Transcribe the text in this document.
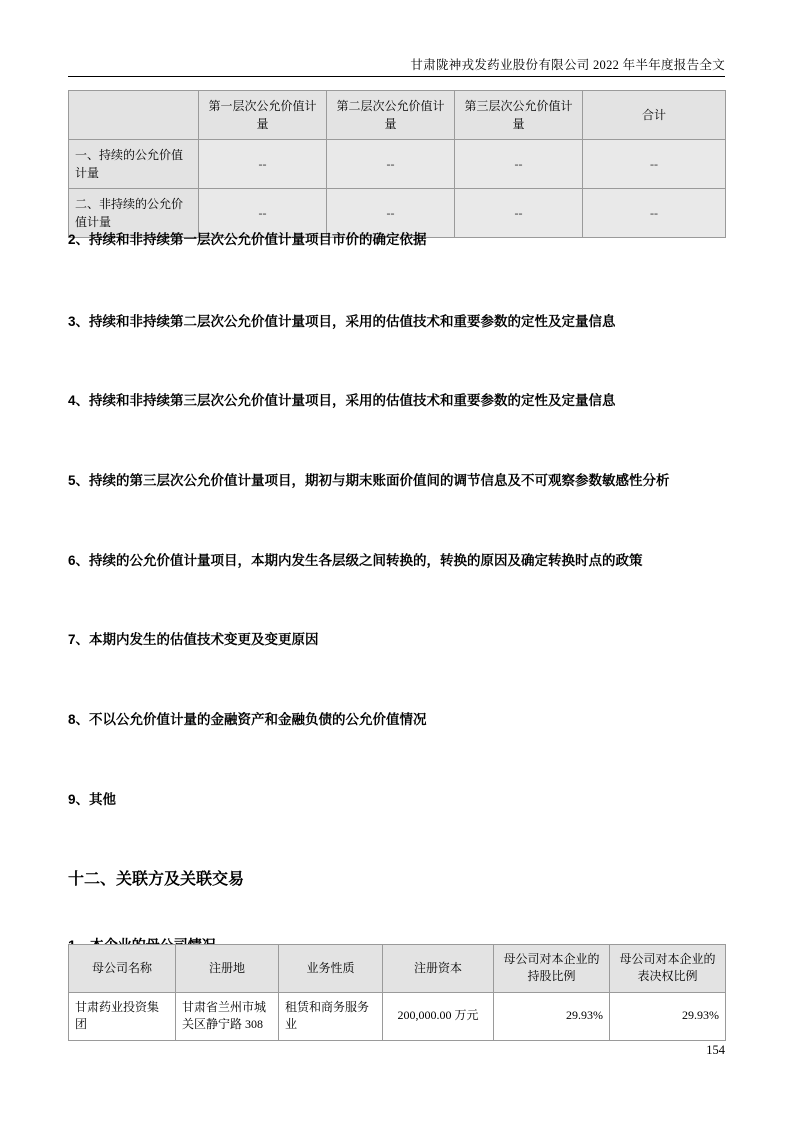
甘肃陇神戎发药业股份有限公司 2022 年半年度报告全文
	第一层次公允价值计量	第二层次公允价值计量	第三层次公允价值计量	合计
一、持续的公允价值计量	--	--	--	--
二、非持续的公允价值计量	--	--	--	--
2、持续和非持续第一层次公允价值计量项目市价的确定依据
3、持续和非持续第二层次公允价值计量项目，采用的估值技术和重要参数的定性及定量信息
4、持续和非持续第三层次公允价值计量项目，采用的估值技术和重要参数的定性及定量信息
5、持续的第三层次公允价值计量项目，期初与期末账面价值间的调节信息及不可观察参数敏感性分析
6、持续的公允价值计量项目，本期内发生各层级之间转换的，转换的原因及确定转换时点的政策
7、本期内发生的估值技术变更及变更原因
8、不以公允价值计量的金融资产和金融负债的公允价值情况
9、其他
十二、关联方及关联交易
母公司名称	注册地	业务性质	注册资本	母公司对本企业的持股比例	母公司对本企业的表决权比例
甘肃药业投资集团	甘肃省兰州市城关区静宁路 308	租赁和商务服务业	200,000.00 万元	29.93%	29.93%
154
